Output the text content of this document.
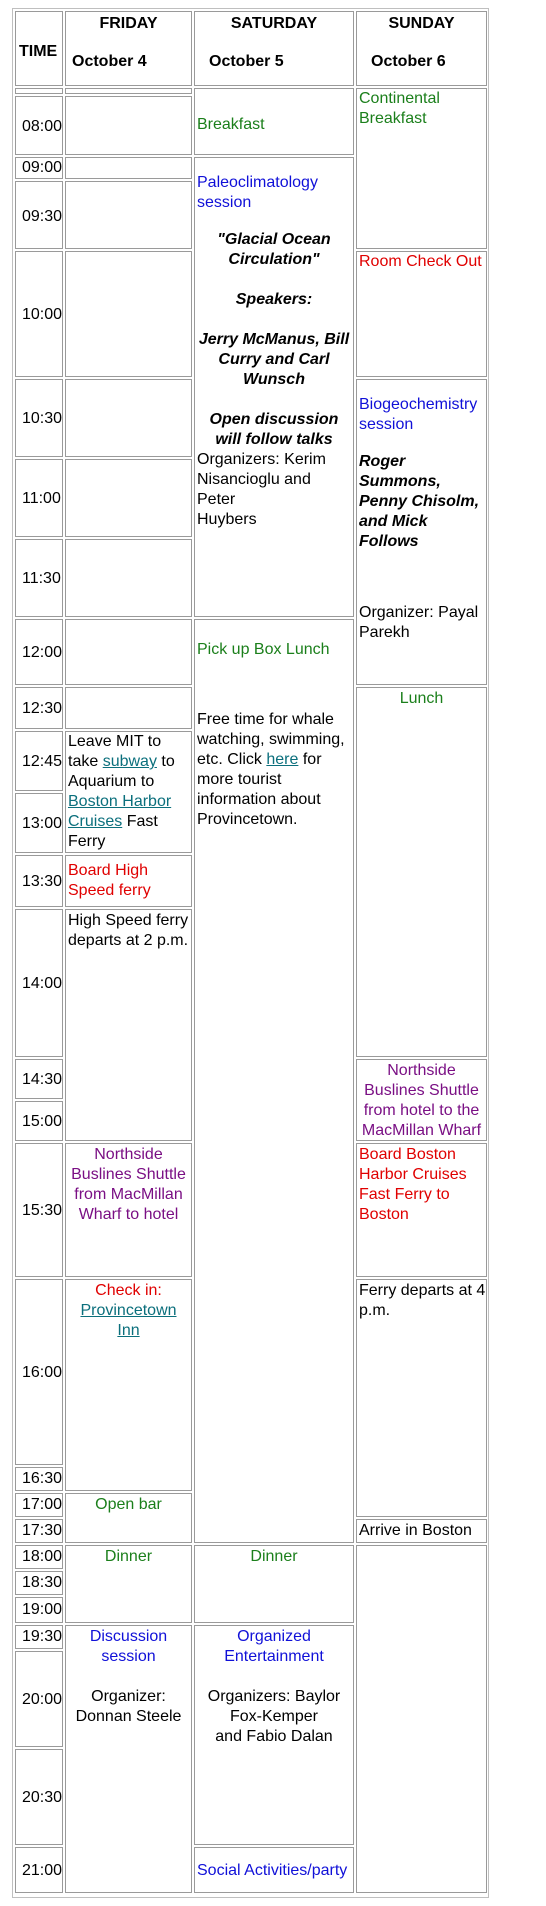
TIME
FRIDAY
October 4
SATURDAY
October 5
SUNDAY
October 6
08:00
09:00
09:30
10:00
10:30
11:00
11:30
12:00
12:30
12:45
13:00
13:30
14:00
14:30
15:00
15:30
16:00
16:30
17:00
17:30
18:00
18:30
19:00
19:30
20:00
20:30
21:00
Leave MIT to
take subway to
Aquarium to
Boston Harbor
Cruises Fast
Ferry
Board High
Speed ferry
High Speed ferry
departs at 2 p.m.
Northside
Buslines Shuttle
from MacMillan
Wharf to hotel
Check in:
Provincetown
Inn
Open bar
Dinner
Discussion
session

Organizer:
Donnan Steele
Breakfast
Paleoclimatology
session
"Glacial Ocean
Circulation"

Speakers:

Jerry McManus, Bill
Curry and Carl
Wunsch

Open discussion
will follow talks
Organizers: Kerim
Nisancioglu and Peter
Huybers
Pick up Box Lunch
Free time for whale
watching, swimming,
etc. Click here for
more tourist
information about
Provincetown.
Dinner
Organized
Entertainment

Organizers: Baylor
Fox-Kemper
and Fabio Dalan
Social Activities/party
Continental
Breakfast
Room Check Out
Biogeochemistry
session
Roger
Summons,
Penny Chisolm,
and Mick
Follows
Organizer: Payal
Parekh
Lunch
Northside
Buslines Shuttle
from hotel to the
MacMillan Wharf
Board Boston
Harbor Cruises
Fast Ferry to
Boston
Ferry departs at 4
p.m.
Arrive in Boston
